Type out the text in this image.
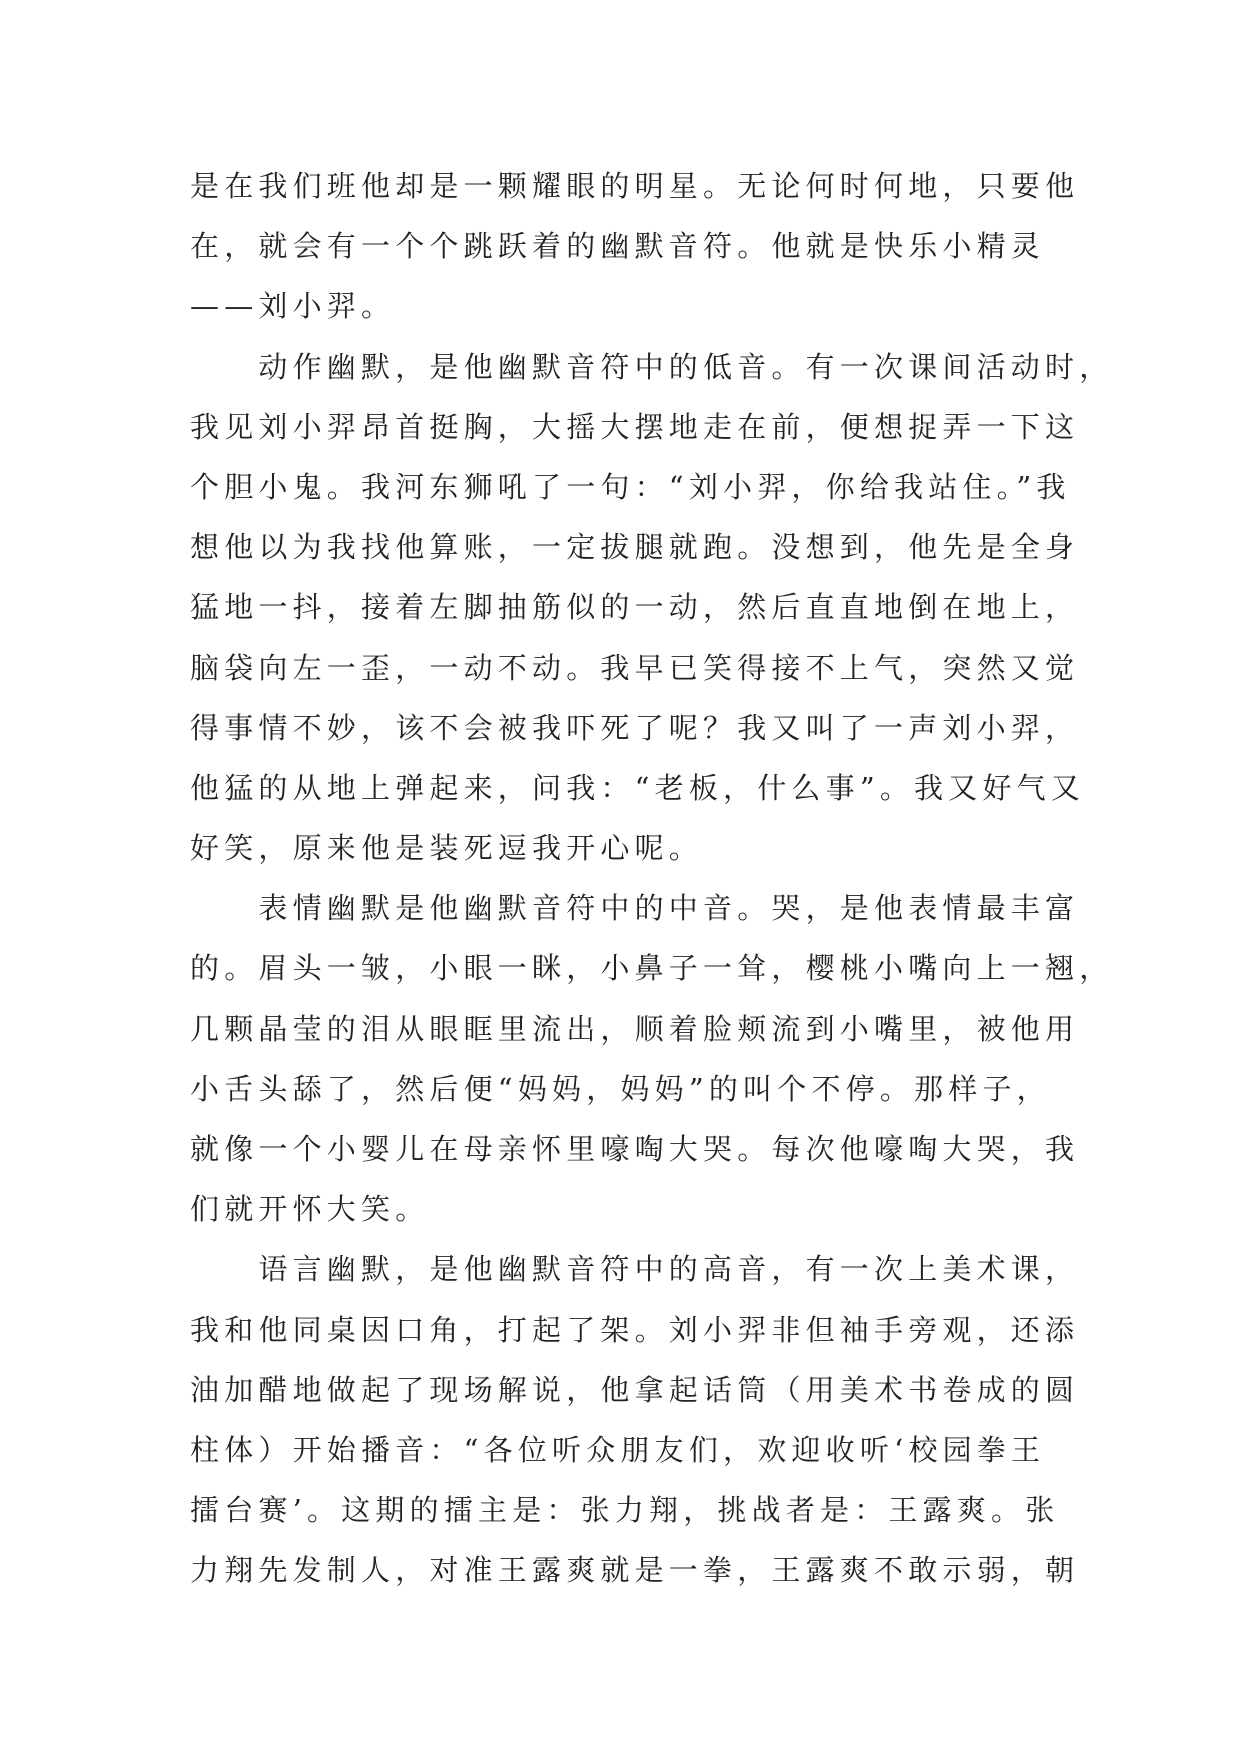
是在我们班他却是一颗耀眼的明星。无论何时何地，只要他
在，就会有一个个跳跃着的幽默音符。他就是快乐小精灵
——刘小羿。
　　动作幽默，是他幽默音符中的低音。有一次课间活动时，
我见刘小羿昂首挺胸，大摇大摆地走在前，便想捉弄一下这
个胆小鬼。我河东狮吼了一句：“刘小羿，你给我站住。”我
想他以为我找他算账，一定拔腿就跑。没想到，他先是全身
猛地一抖，接着左脚抽筋似的一动，然后直直地倒在地上，
脑袋向左一歪，一动不动。我早已笑得接不上气，突然又觉
得事情不妙，该不会被我吓死了呢？我又叫了一声刘小羿，
他猛的从地上弹起来，问我：“老板，什么事”。我又好气又
好笑，原来他是装死逗我开心呢。
　　表情幽默是他幽默音符中的中音。哭，是他表情最丰富
的。眉头一皱，小眼一眯，小鼻子一耸，樱桃小嘴向上一翘，
几颗晶莹的泪从眼眶里流出，顺着脸颊流到小嘴里，被他用
小舌头舔了，然后便“妈妈，妈妈”的叫个不停。那样子，
就像一个小婴儿在母亲怀里嚎啕大哭。每次他嚎啕大哭，我
们就开怀大笑。
　　语言幽默，是他幽默音符中的高音，有一次上美术课，
我和他同桌因口角，打起了架。刘小羿非但袖手旁观，还添
油加醋地做起了现场解说，他拿起话筒（用美术书卷成的圆
柱体）开始播音：“各位听众朋友们，欢迎收听‘校园拳王
擂台赛’。这期的擂主是：张力翔，挑战者是：王露爽。张
力翔先发制人，对准王露爽就是一拳，王露爽不敢示弱，朝
